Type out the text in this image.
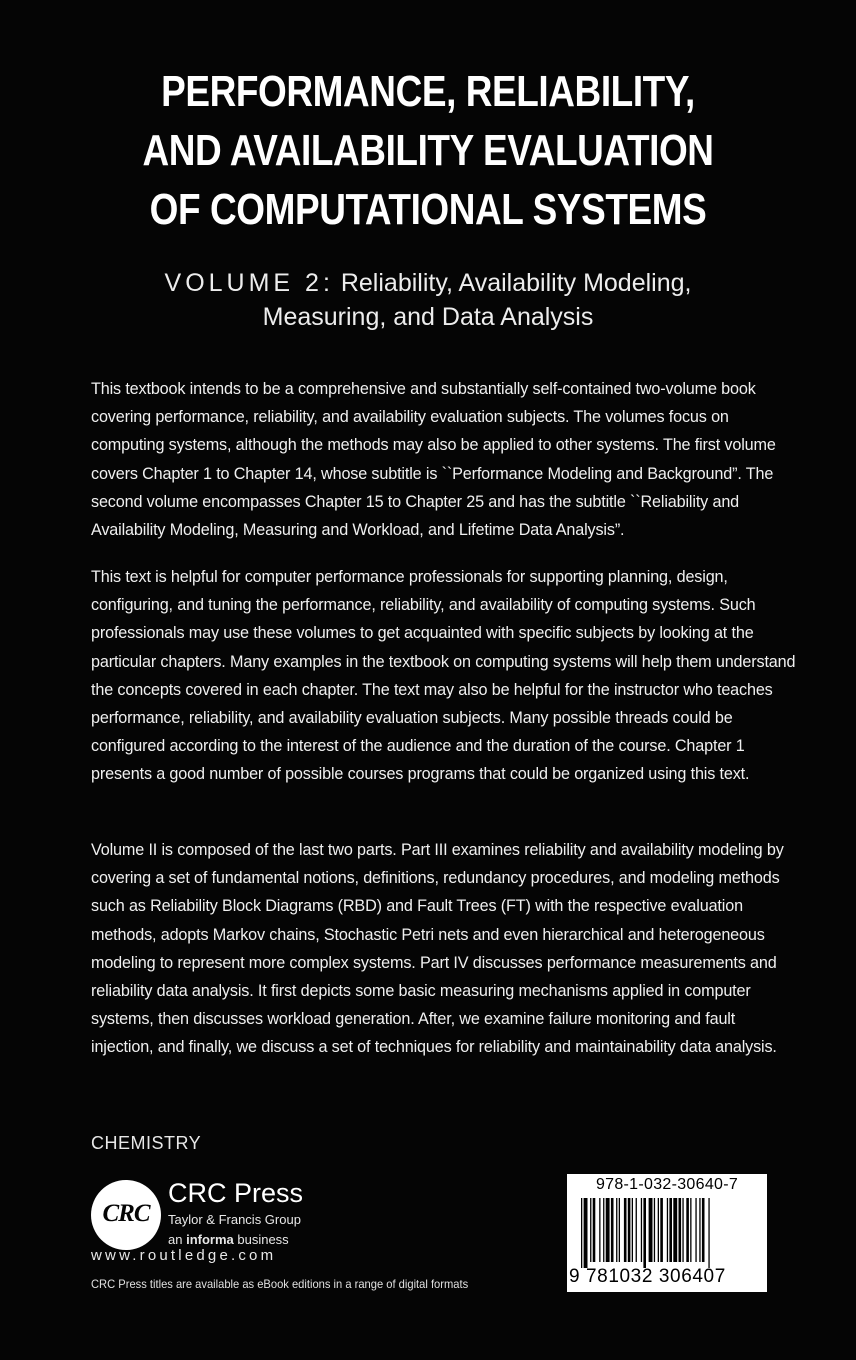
PERFORMANCE, RELIABILITY,
AND AVAILABILITY EVALUATION
OF COMPUTATIONAL SYSTEMS
VOLUME 2: Reliability, Availability Modeling,
Measuring, and Data Analysis

This textbook intends to be a comprehensive and substantially self-contained two-volume book covering performance, reliability, and availability evaluation subjects. The volumes focus on computing systems, although the methods may also be applied to other systems. The first volume covers Chapter 1 to Chapter 14, whose subtitle is ``Performance Modeling and Background”. The second volume encompasses Chapter 15 to Chapter 25 and has the subtitle ``Reliability and Availability Modeling, Measuring and Workload, and Lifetime Data Analysis”.

This text is helpful for computer performance professionals for supporting planning, design, configuring, and tuning the performance, reliability, and availability of computing systems. Such professionals may use these volumes to get acquainted with specific subjects by looking at the particular chapters. Many examples in the textbook on computing systems will help them understand the concepts covered in each chapter. The text may also be helpful for the instructor who teaches performance, reliability, and availability evaluation subjects. Many possible threads could be configured according to the interest of the audience and the duration of the course. Chapter 1 presents a good number of possible courses programs that could be organized using this text.

Volume II is composed of the last two parts. Part III examines reliability and availability modeling by covering a set of fundamental notions, definitions, redundancy procedures, and modeling methods such as Reliability Block Diagrams (RBD) and Fault Trees (FT) with the respective evaluation methods, adopts Markov chains, Stochastic Petri nets and even hierarchical and heterogeneous modeling to represent more complex systems. Part IV discusses performance measurements and reliability data analysis. It first depicts some basic measuring mechanisms applied in computer systems, then discusses workload generation. After, we examine failure monitoring and fault injection, and finally, we discuss a set of techniques for reliability and maintainability data analysis.

CHEMISTRY
CRC
CRC Press
Taylor & Francis Group
an informa business
www.routledge.com
CRC Press titles are available as eBook editions in a range of digital formats
978-1-032-30640-7
9 781032 306407
